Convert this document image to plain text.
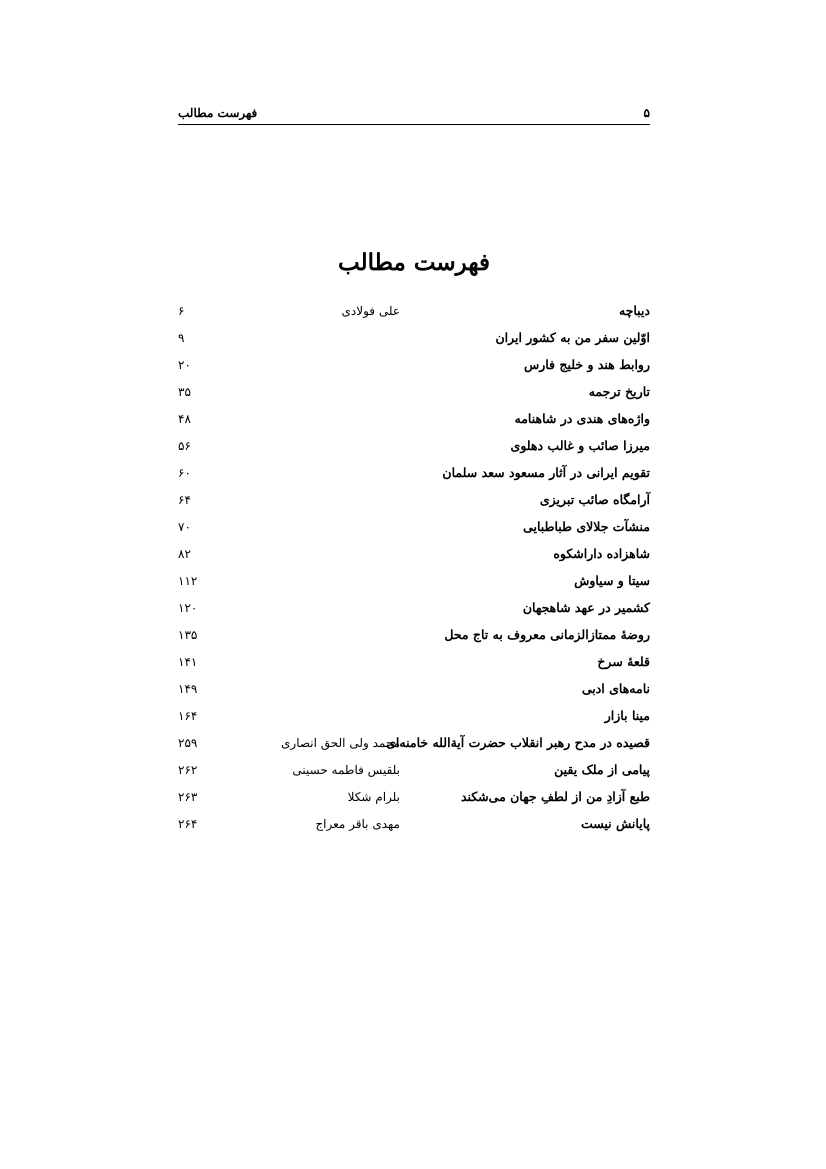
۵
فهرست مطالب
فهرست مطالب
دیباچه
علی فولادی
۶
اوّلین سفر من به کشور ایران
۹
روابط هند و خلیج فارس
۲۰
تاریخ ترجمه
۳۵
واژه‌های هندی در شاهنامه
۴۸
میرزا صائب و غالب دهلوی
۵۶
تقویم ایرانی در آثار مسعود سعد سلمان
۶۰
آرامگاه صائب تبریزی
۶۴
منشآت جلالای طباطبایی
۷۰
شاهزاده داراشکوه
۸۲
سیتا و سیاوش
۱۱۲
کشمیر در عهد شاهجهان
۱۲۰
روضهٔ ممتازالزمانی معروف به تاج محل
۱۳۵
قلعهٔ سرخ
۱۴۱
نامه‌های ادبی
۱۴۹
مینا بازار
۱۶۴
قصیده در مدح رهبر انقلاب حضرت آیةالله خامنه‌ای
محمد ولی الحق انصاری
۲۵۹
پیامی از ملک یقین
بلقیس فاطمه حسینی
۲۶۲
طبع آزادِ من از لطفِ جهان می‌شکند
بلرام شکلا
۲۶۳
پایانش نیست
مهدی باقر معراج
۲۶۴
